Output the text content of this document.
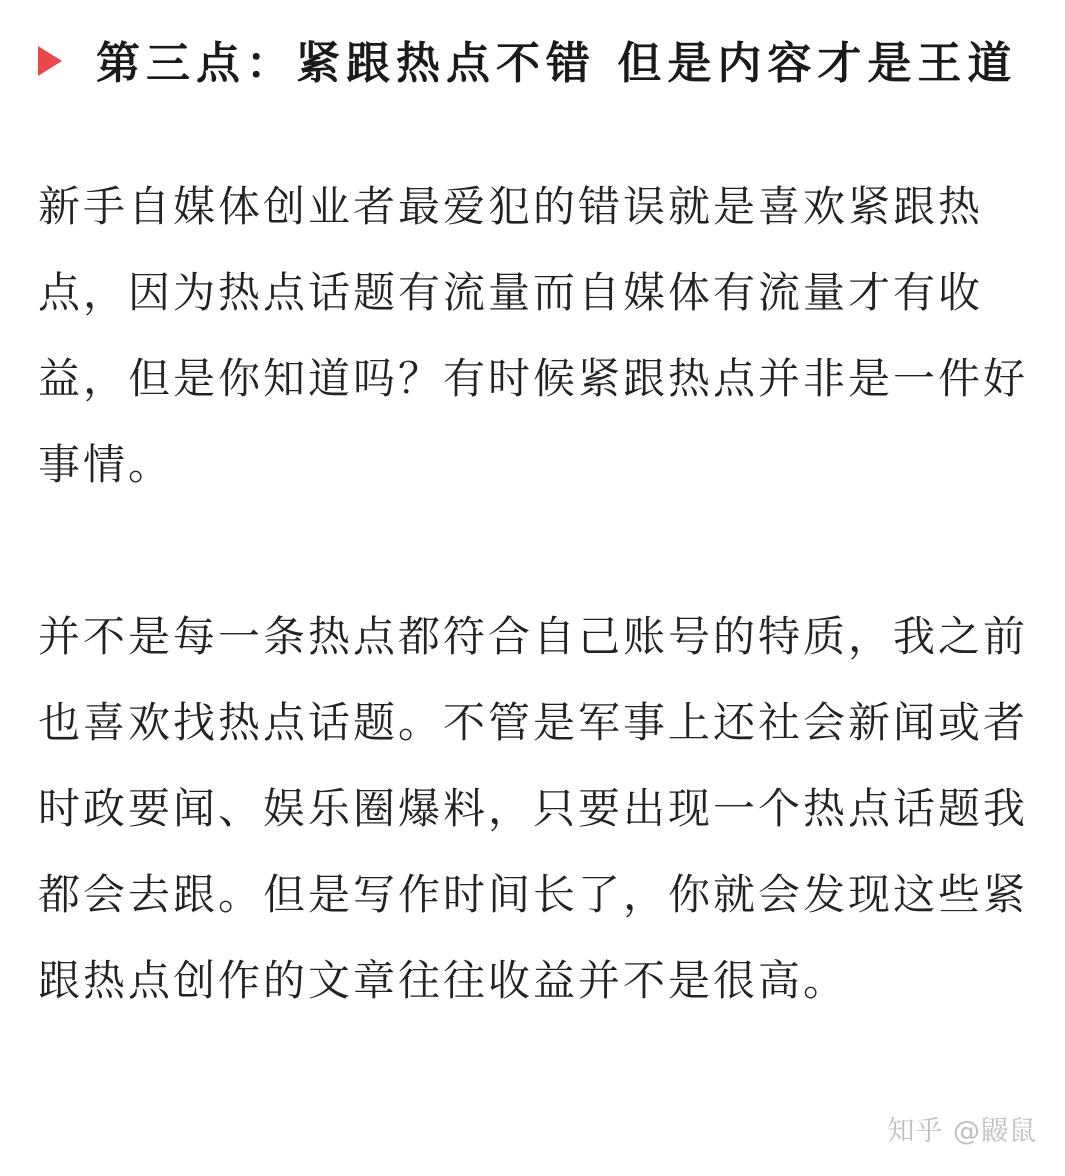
第三点：紧跟热点不错 但是内容才是王道

新手自媒体创业者最爱犯的错误就是喜欢紧跟热点，因为热点话题有流量而自媒体有流量才有收益，但是你知道吗？有时候紧跟热点并非是一件好事情。

并不是每一条热点都符合自己账号的特质，我之前也喜欢找热点话题。不管是军事上还社会新闻或者时政要闻、娱乐圈爆料，只要出现一个热点话题我都会去跟。但是写作时间长了，你就会发现这些紧跟热点创作的文章往往收益并不是很高。

知乎 @鼹鼠
